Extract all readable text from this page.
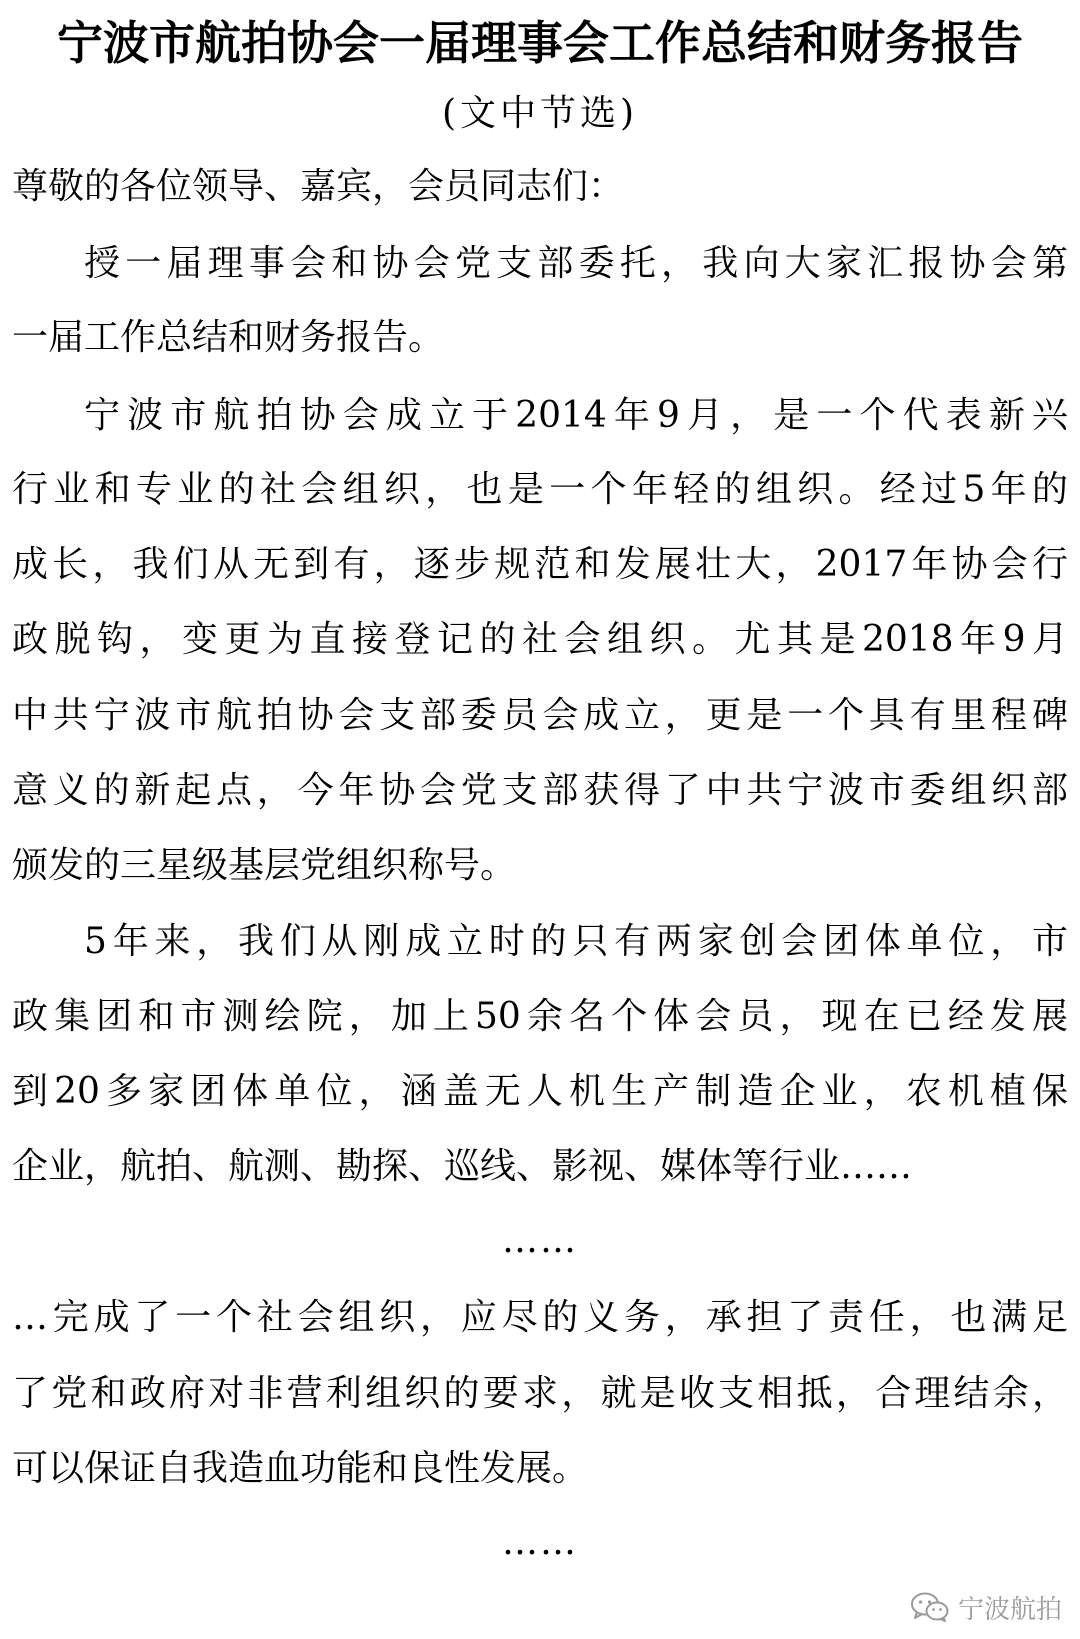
宁波市航拍协会一届理事会工作总结和财务报告
(文中节选)
尊敬的各位领导、嘉宾，会员同志们：
授一届理事会和协会党支部委托，我向大家汇报协会第
一届工作总结和财务报告。
宁波市航拍协会成立于2014年9月，是一个代表新兴
行业和专业的社会组织，也是一个年轻的组织。经过5年的
成长，我们从无到有，逐步规范和发展壮大，2017年协会行
政脱钩，变更为直接登记的社会组织。尤其是2018年9月
中共宁波市航拍协会支部委员会成立，更是一个具有里程碑
意义的新起点，今年协会党支部获得了中共宁波市委组织部
颁发的三星级基层党组织称号。
5年来，我们从刚成立时的只有两家创会团体单位，市
政集团和市测绘院，加上50余名个体会员，现在已经发展
到20多家团体单位，涵盖无人机生产制造企业，农机植保
企业，航拍、航测、勘探、巡线、影视、媒体等行业……
……
…完成了一个社会组织，应尽的义务，承担了责任，也满足
了党和政府对非营利组织的要求，就是收支相抵，合理结余，
可以保证自我造血功能和良性发展。
……
宁波航拍
